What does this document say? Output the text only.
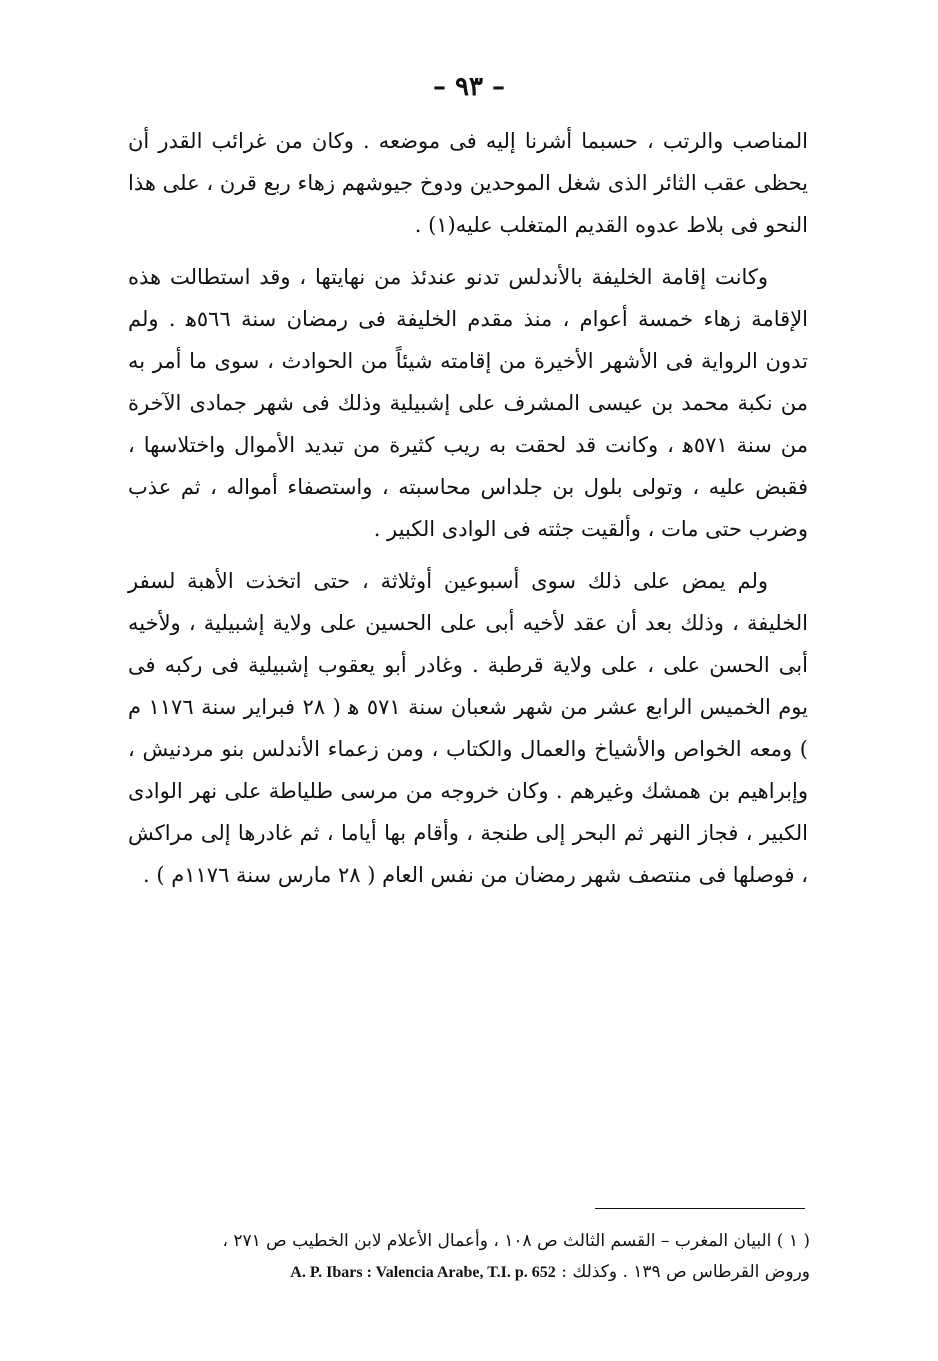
– ٩٣ –

المناصب والرتب ، حسبما أشرنا إليه فى موضعه . وكان من غرائب القدر أن يحظى عقب الثائر الذى شغل الموحدين ودوخ جيوشهم زهاء ربع قرن ، على هذا النحو فى بلاط عدوه القديم المتغلب عليه(١) .

وكانت إقامة الخليفة بالأندلس تدنو عندئذ من نهايتها ، وقد استطالت هذه الإقامة زهاء خمسة أعوام ، منذ مقدم الخليفة فى رمضان سنة ٥٦٦ﻫ . ولم تدون الرواية فى الأشهر الأخيرة من إقامته شيئاً من الحوادث ، سوى ما أمر به من نكبة محمد بن عيسى المشرف على إشبيلية وذلك فى شهر جمادى الآخرة من سنة ٥٧١ﻫ ، وكانت قد لحقت به ريب كثيرة من تبديد الأموال واختلاسها ، فقبض عليه ، وتولى بلول بن جلداس محاسبته ، واستصفاء أمواله ، ثم عذب وضرب حتى مات ، وألقيت جثته فى الوادى الكبير .

ولم يمض على ذلك سوى أسبوعين أوثلاثة ، حتى اتخذت الأهبة لسفر الخليفة ، وذلك بعد أن عقد لأخيه أبى على الحسين على ولاية إشبيلية ، ولأخيه أبى الحسن على ، على ولاية قرطبة . وغادر أبو يعقوب إشبيلية فى ركبه فى يوم الخميس الرابع عشر من شهر شعبان سنة ٥٧١ ﻫ ( ٢٨ فبراير سنة ١١٧٦ م ) ومعه الخواص والأشياخ والعمال والكتاب ، ومن زعماء الأندلس بنو مردنيش ، وإبراهيم بن همشك وغيرهم . وكان خروجه من مرسى طلياطة على نهر الوادى الكبير ، فجاز النهر ثم البحر إلى طنجة ، وأقام بها أياما ، ثم غادرها إلى مراكش ، فوصلها فى منتصف شهر رمضان من نفس العام ( ٢٨ مارس سنة ١١٧٦م ) .

( ١ ) البيان المغرب – القسم الثالث ص ١٠٨ ، وأعمال الأعلام لابن الخطيب ص ٢٧١ ،
وروض القرطاس ص ١٣٩ . وكذلك : A. P. Ibars : Valencia Arabe, T.I. p. 652
